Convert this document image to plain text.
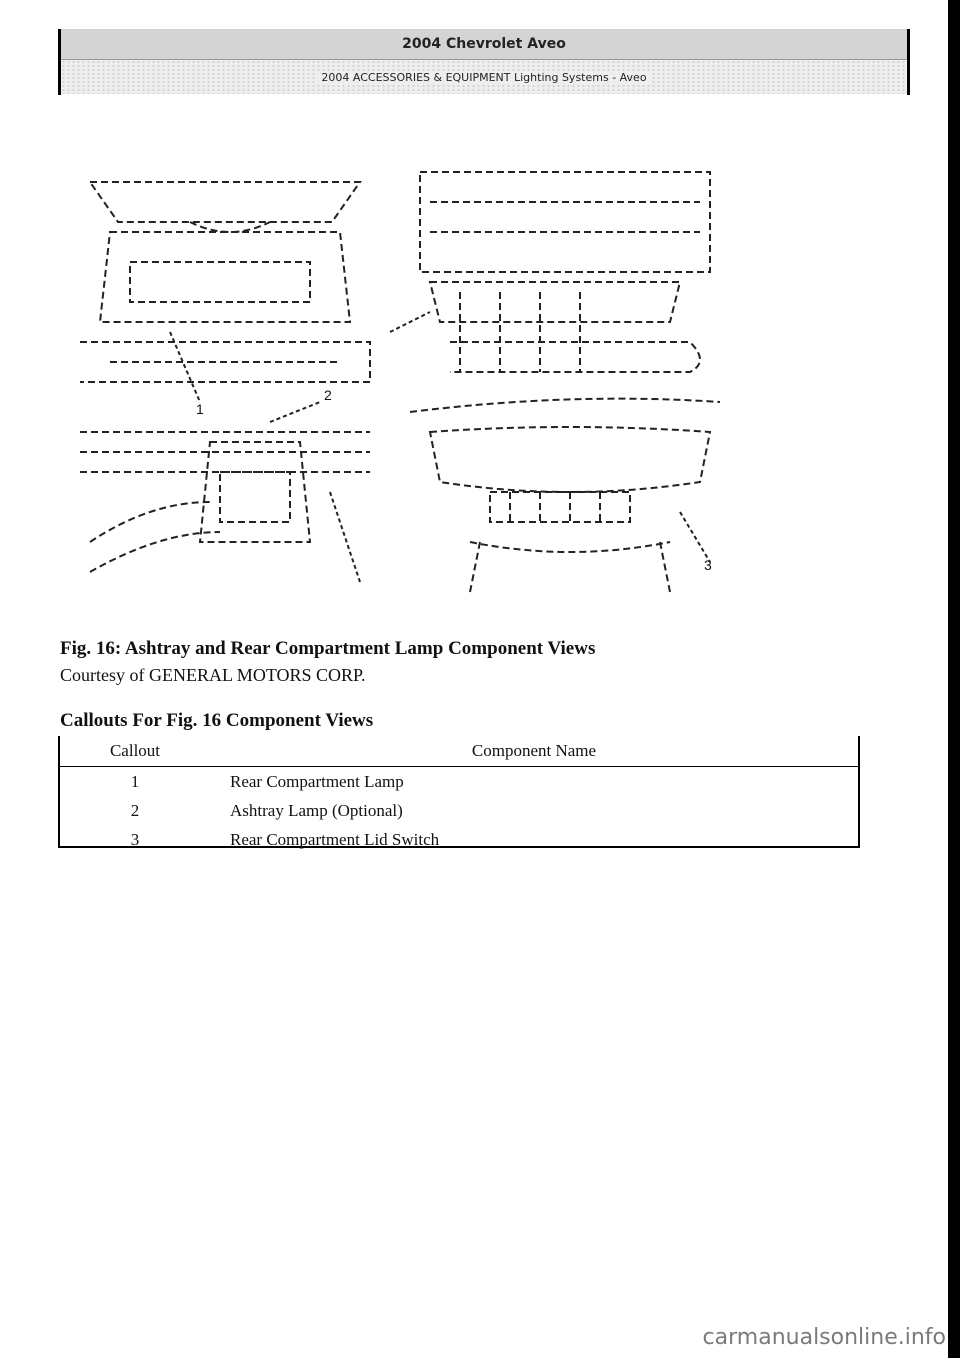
2004 Chevrolet Aveo
2004 ACCESSORIES & EQUIPMENT Lighting Systems - Aveo
1
2
3

Fig. 16: Ashtray and Rear Compartment Lamp Component Views

Courtesy of GENERAL MOTORS CORP.

Callouts For Fig. 16 Component Views

Callout	Component Name
1	Rear Compartment Lamp
2	Ashtray Lamp (Optional)
3	Rear Compartment Lid Switch
carmanualsonline.info
